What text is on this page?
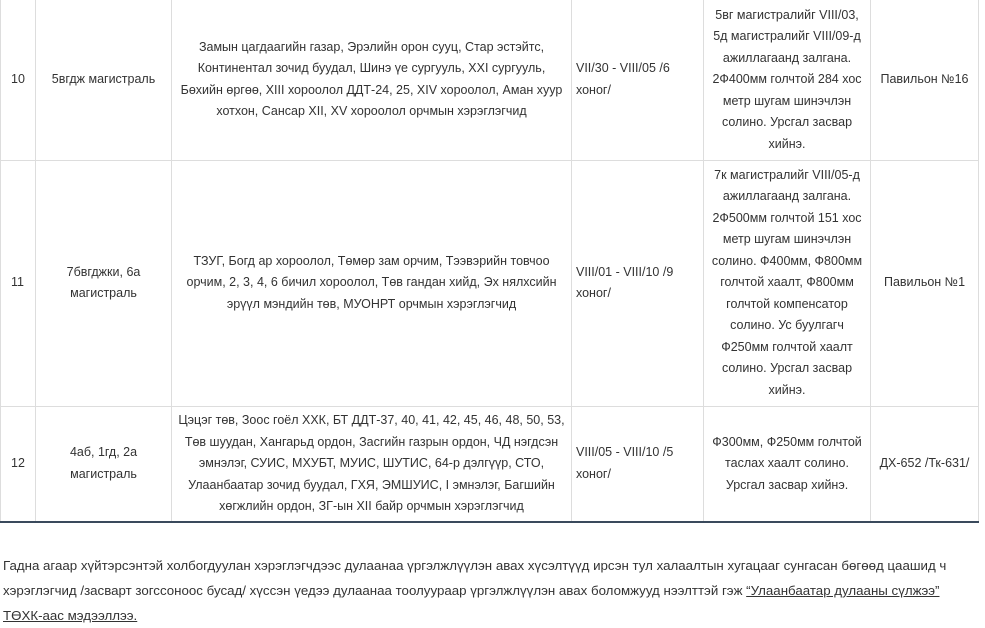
10	5вгдж магистраль	Замын цагдаагийн газар, Эрэлийн орон сууц, Стар эстэйтс, Континентал зочид буудал, Шинэ үе сургууль, XXI сургууль, Бөхийн өргөө, XIII хороолол ДДТ-24, 25, XIV хороолол, Аман хуур хотхон, Сансар XII, XV хороолол орчмын хэрэглэгчид	VII/30 - VIII/05 /6 хоног/	5вг магистралийг VIII/03, 5д магистралийг VIII/09-д ажиллагаанд залгана. 2Ф400мм голчтой 284 хос метр шугам шинэчлэн солино. Урсгал засвар хийнэ.	Павильон №16
11	7бвгджки, 6а магистраль	ТЗУГ, Богд ар хороолол, Төмөр зам орчим, Тээвэрийн товчоо орчим, 2, 3, 4, 6 бичил хороолол, Төв гандан хийд, Эх нялхсийн эрүүл мэндийн төв, МУОНРТ орчмын хэрэглэгчид	VIII/01 - VIII/10 /9 хоног/	7к магистралийг VIII/05-д ажиллагаанд залгана. 2Ф500мм голчтой 151 хос метр шугам шинэчлэн солино. Ф400мм, Ф800мм голчтой хаалт, Ф800мм голчтой компенсатор солино. Ус буулгагч Ф250мм голчтой хаалт солино. Урсгал засвар хийнэ.	Павильон №1
12	4аб, 1гд, 2а магистраль	Цэцэг төв, Зоос гоёл ХХК, БТ ДДТ-37, 40, 41, 42, 45, 46, 48, 50, 53, Төв шуудан, Хангарьд ордон, Засгийн газрын ордон, ЧД нэгдсэн эмнэлэг, СУИС, МХУБТ, МУИС, ШУТИС, 64-р дэлгүүр, СТО, Улаанбаатар зочид буудал, ГХЯ, ЭМШУИС, I эмнэлэг, Багшийн хөгжлийн ордон, ЗГ-ын XII байр орчмын хэрэглэгчид	VIII/05 - VIII/10 /5 хоног/	Ф300мм, Ф250мм голчтой таслах хаалт солино. Урсгал засвар хийнэ.	ДХ-652 /Тк-631/

Гадна агаар хүйтэрсэнтэй холбогдуулан хэрэглэгчдээс дулаанаа үргэлжлүүлэн авах хүсэлтүүд ирсэн тул халаалтын хугацааг сунгасан бөгөөд цаашид ч хэрэглэгчид /засварт зогссоноос бусад/ хүссэн үедээ дулаанаа тоолуураар үргэлжлүүлэн авах боломжууд нээлттэй гэж “Улаанбаатар дулааны сүлжээ” ТӨХК-аас мэдээллээ.
